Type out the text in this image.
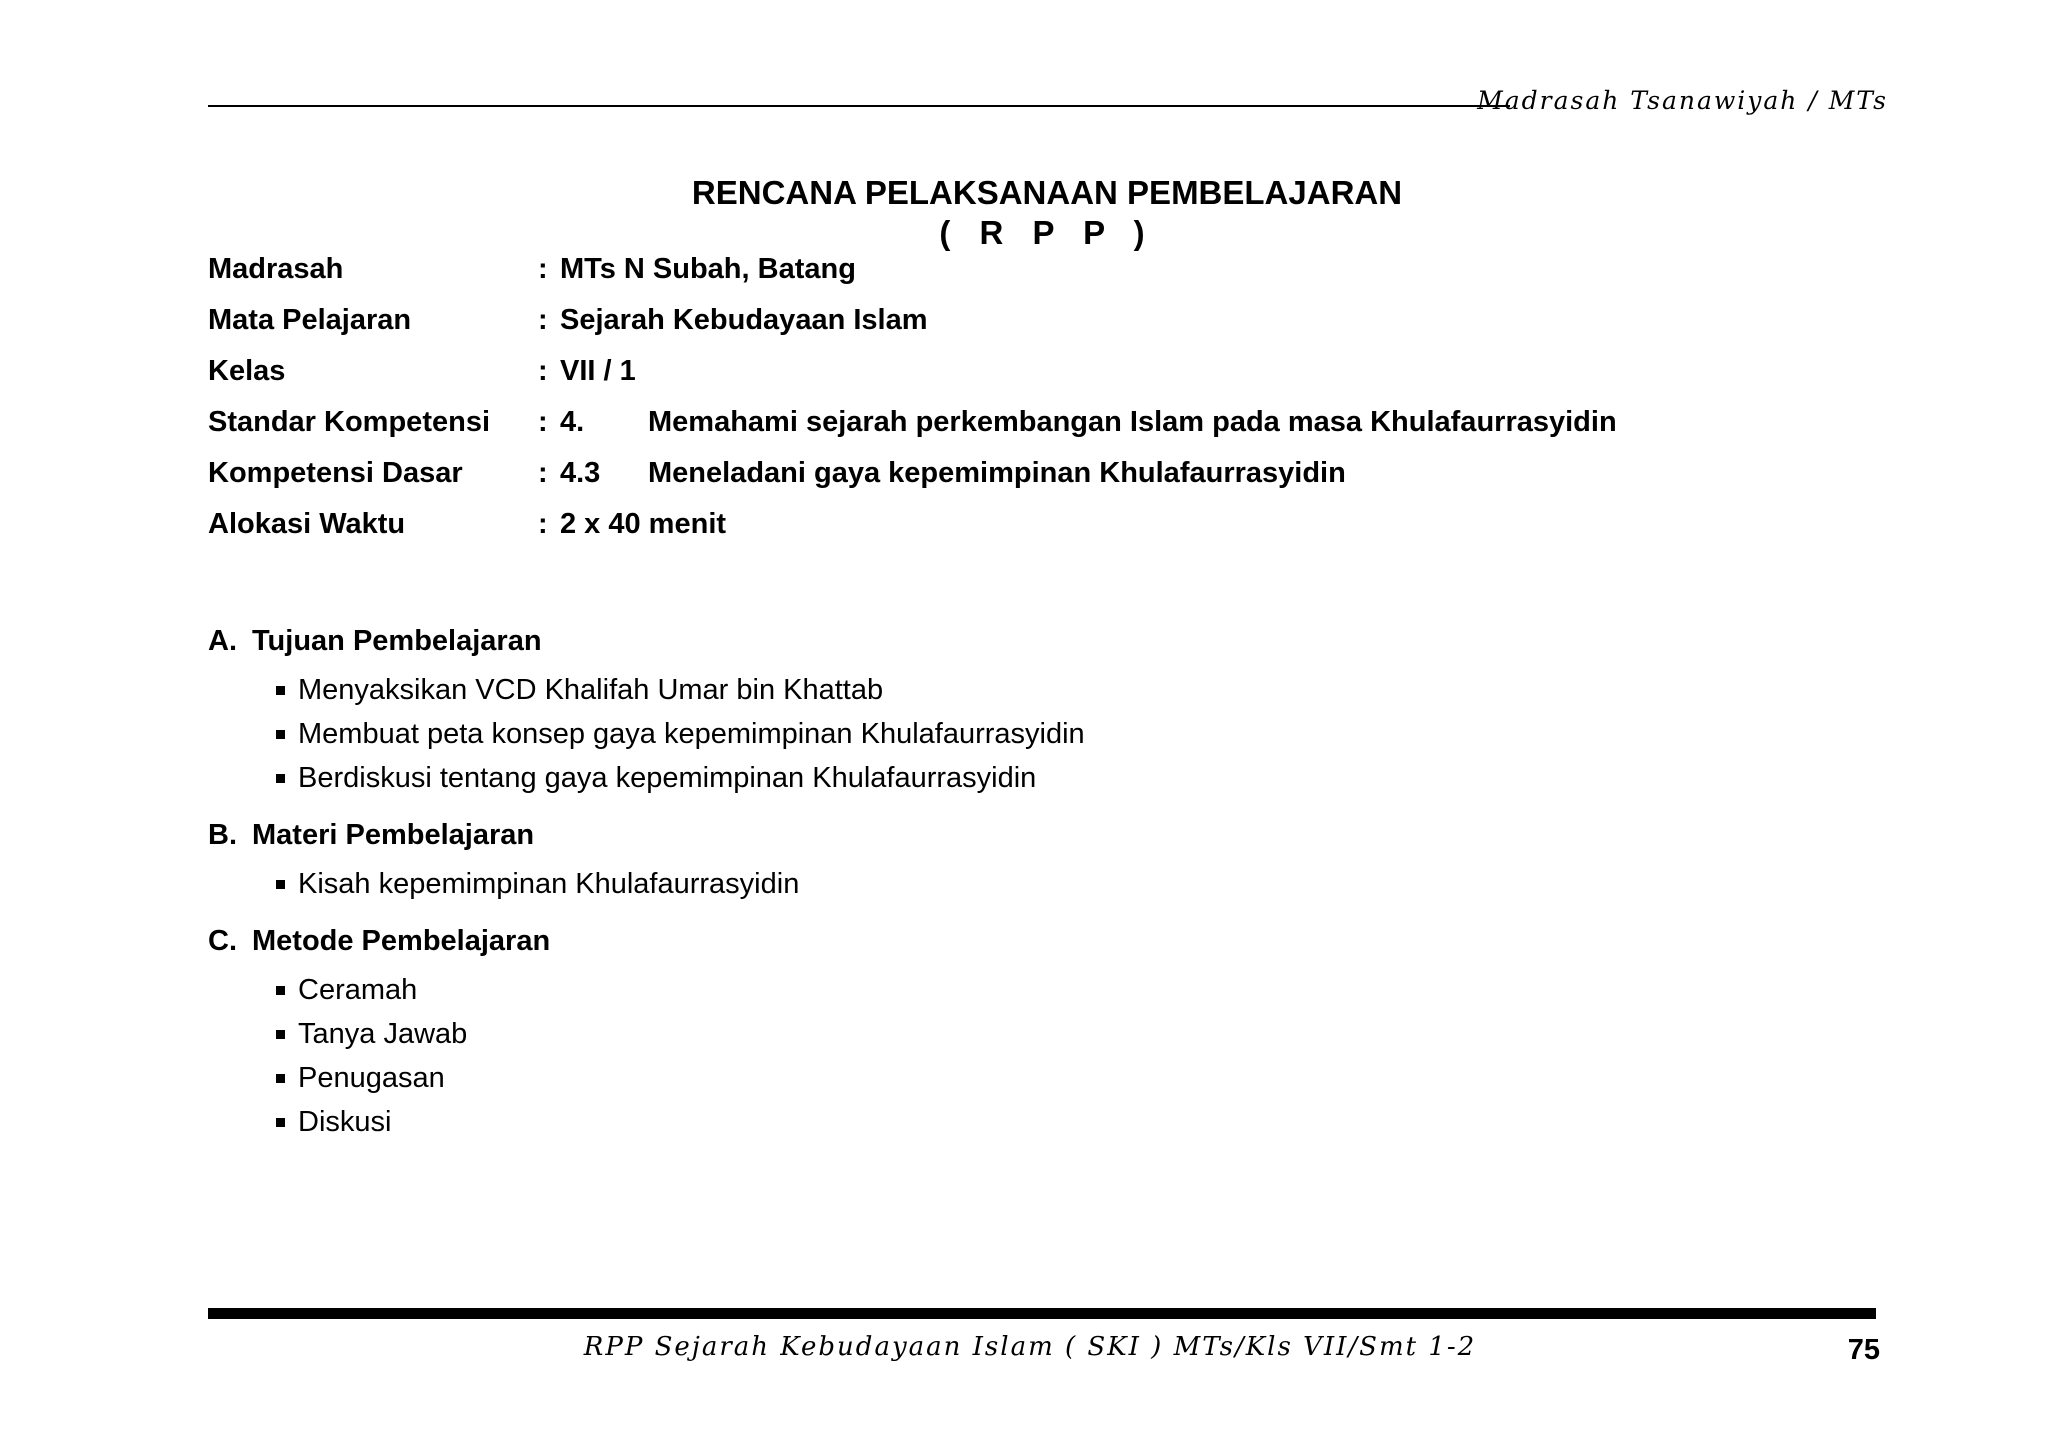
Madrasah Tsanawiyah / MTs
RENCANA PELAKSANAAN PEMBELAJARAN
( R P P )
Madrasah	: MTs N Subah, Batang
Mata Pelajaran	: Sejarah Kebudayaan Islam
Kelas	: VII / 1
Standar Kompetensi	: 4.	Memahami sejarah perkembangan Islam pada masa Khulafaurrasyidin
Kompetensi Dasar	: 4.3	Meneladani gaya kepemimpinan Khulafaurrasyidin
Alokasi Waktu	: 2 x 40 menit
A. Tujuan Pembelajaran
Menyaksikan VCD Khalifah Umar bin Khattab
Membuat peta konsep gaya kepemimpinan Khulafaurrasyidin
Berdiskusi tentang gaya kepemimpinan Khulafaurrasyidin
B. Materi Pembelajaran
Kisah kepemimpinan Khulafaurrasyidin
C. Metode Pembelajaran
Ceramah
Tanya Jawab
Penugasan
Diskusi
RPP Sejarah Kebudayaan Islam ( SKI ) MTs/Kls VII/Smt 1-2	75
